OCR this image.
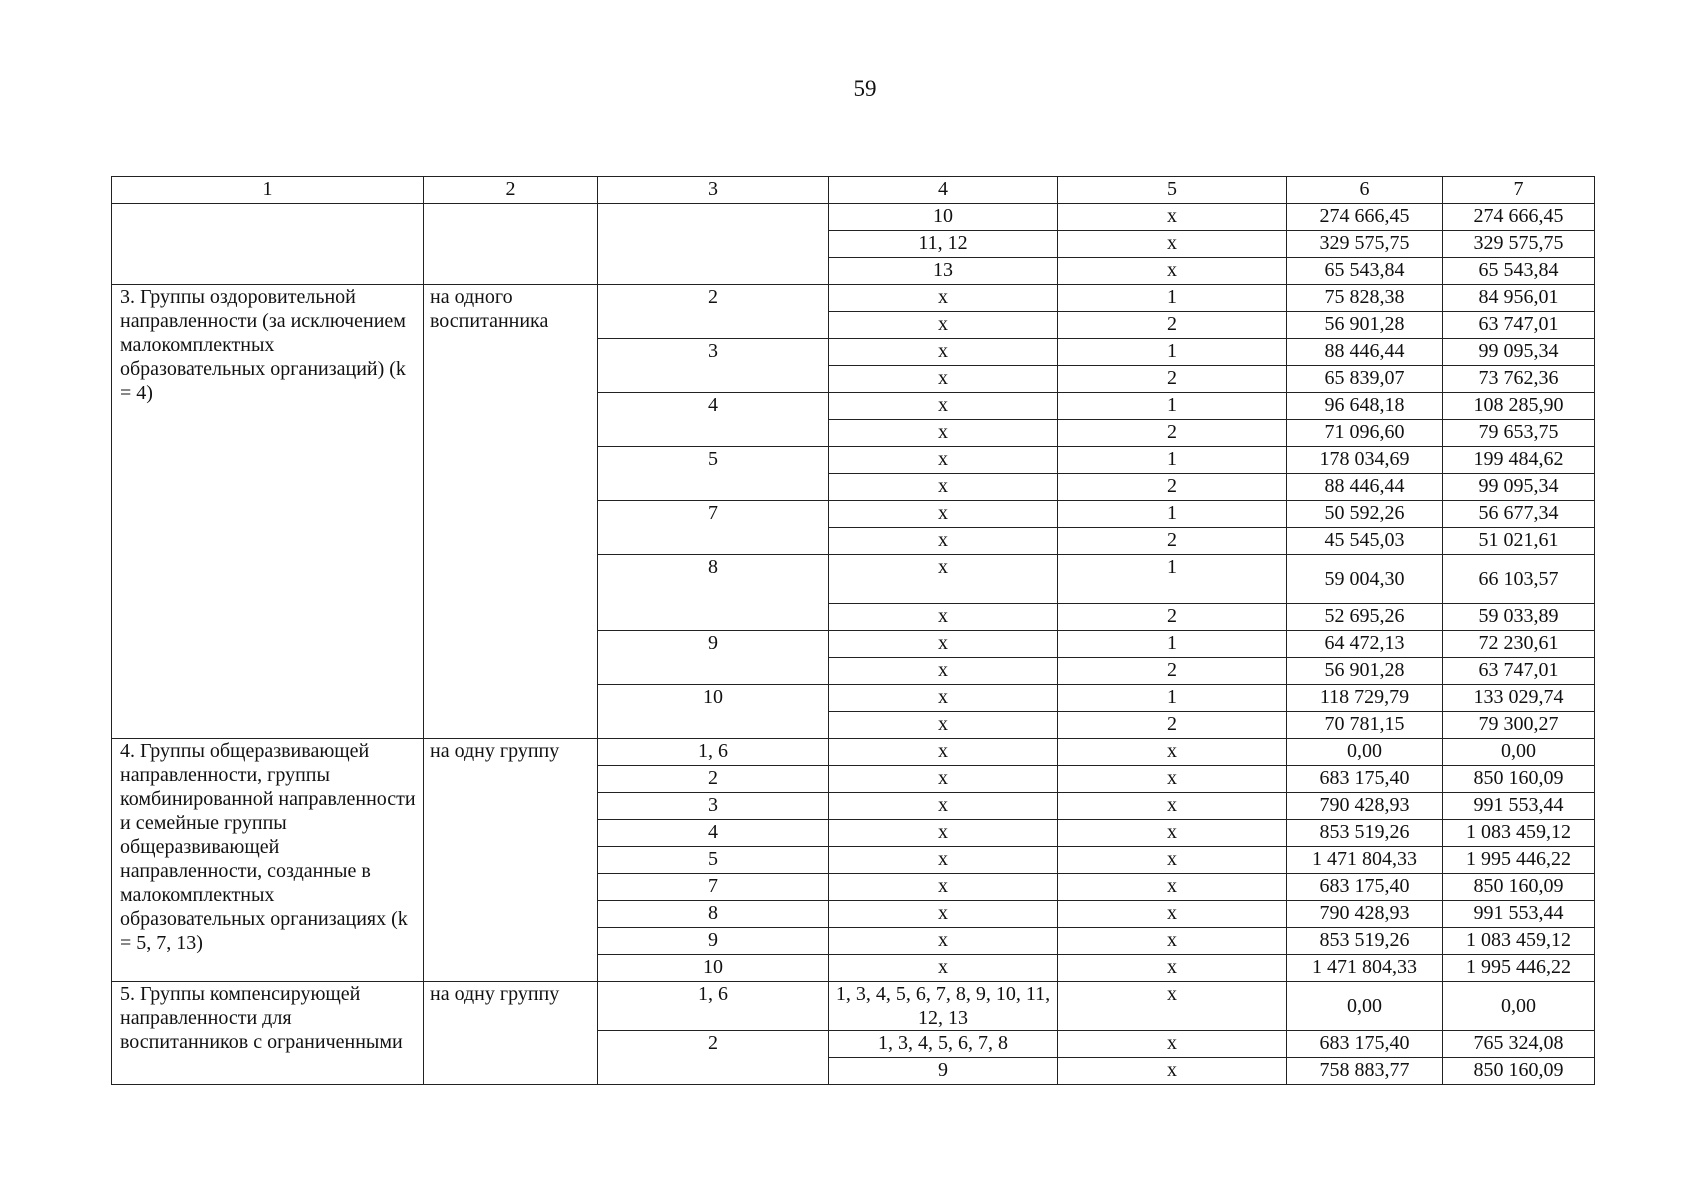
59
1	2	3	4	5	6	7
			10	x	274 666,45	274 666,45
			11, 12	x	329 575,75	329 575,75
			13	x	65 543,84	65 543,84
3. Группы оздоровительной направленности (за исключением малокомплектных образовательных организаций) (k = 4)	на одного воспитанника	2	x	1	75 828,38	84 956,01
			x	2	56 901,28	63 747,01
		3	x	1	88 446,44	99 095,34
			x	2	65 839,07	73 762,36
		4	x	1	96 648,18	108 285,90
			x	2	71 096,60	79 653,75
		5	x	1	178 034,69	199 484,62
			x	2	88 446,44	99 095,34
		7	x	1	50 592,26	56 677,34
			x	2	45 545,03	51 021,61
		8	x	1	59 004,30	66 103,57
			x	2	52 695,26	59 033,89
		9	x	1	64 472,13	72 230,61
			x	2	56 901,28	63 747,01
		10	x	1	118 729,79	133 029,74
			x	2	70 781,15	79 300,27
4. Группы общеразвивающей направленности, группы комбинированной направленности и семейные группы общеразвивающей направленности, созданные в малокомплектных образовательных организациях (k = 5, 7, 13)	на одну группу	1, 6	x	x	0,00	0,00
		2	x	x	683 175,40	850 160,09
		3	x	x	790 428,93	991 553,44
		4	x	x	853 519,26	1 083 459,12
		5	x	x	1 471 804,33	1 995 446,22
		7	x	x	683 175,40	850 160,09
		8	x	x	790 428,93	991 553,44
		9	x	x	853 519,26	1 083 459,12
		10	x	x	1 471 804,33	1 995 446,22
5. Группы компенсирующей направленности для воспитанников с ограниченными	на одну группу	1, 6	1, 3, 4, 5, 6, 7, 8, 9, 10, 11, 12, 13	x	0,00	0,00
		2	1, 3, 4, 5, 6, 7, 8	x	683 175,40	765 324,08
			9	x	758 883,77	850 160,09
